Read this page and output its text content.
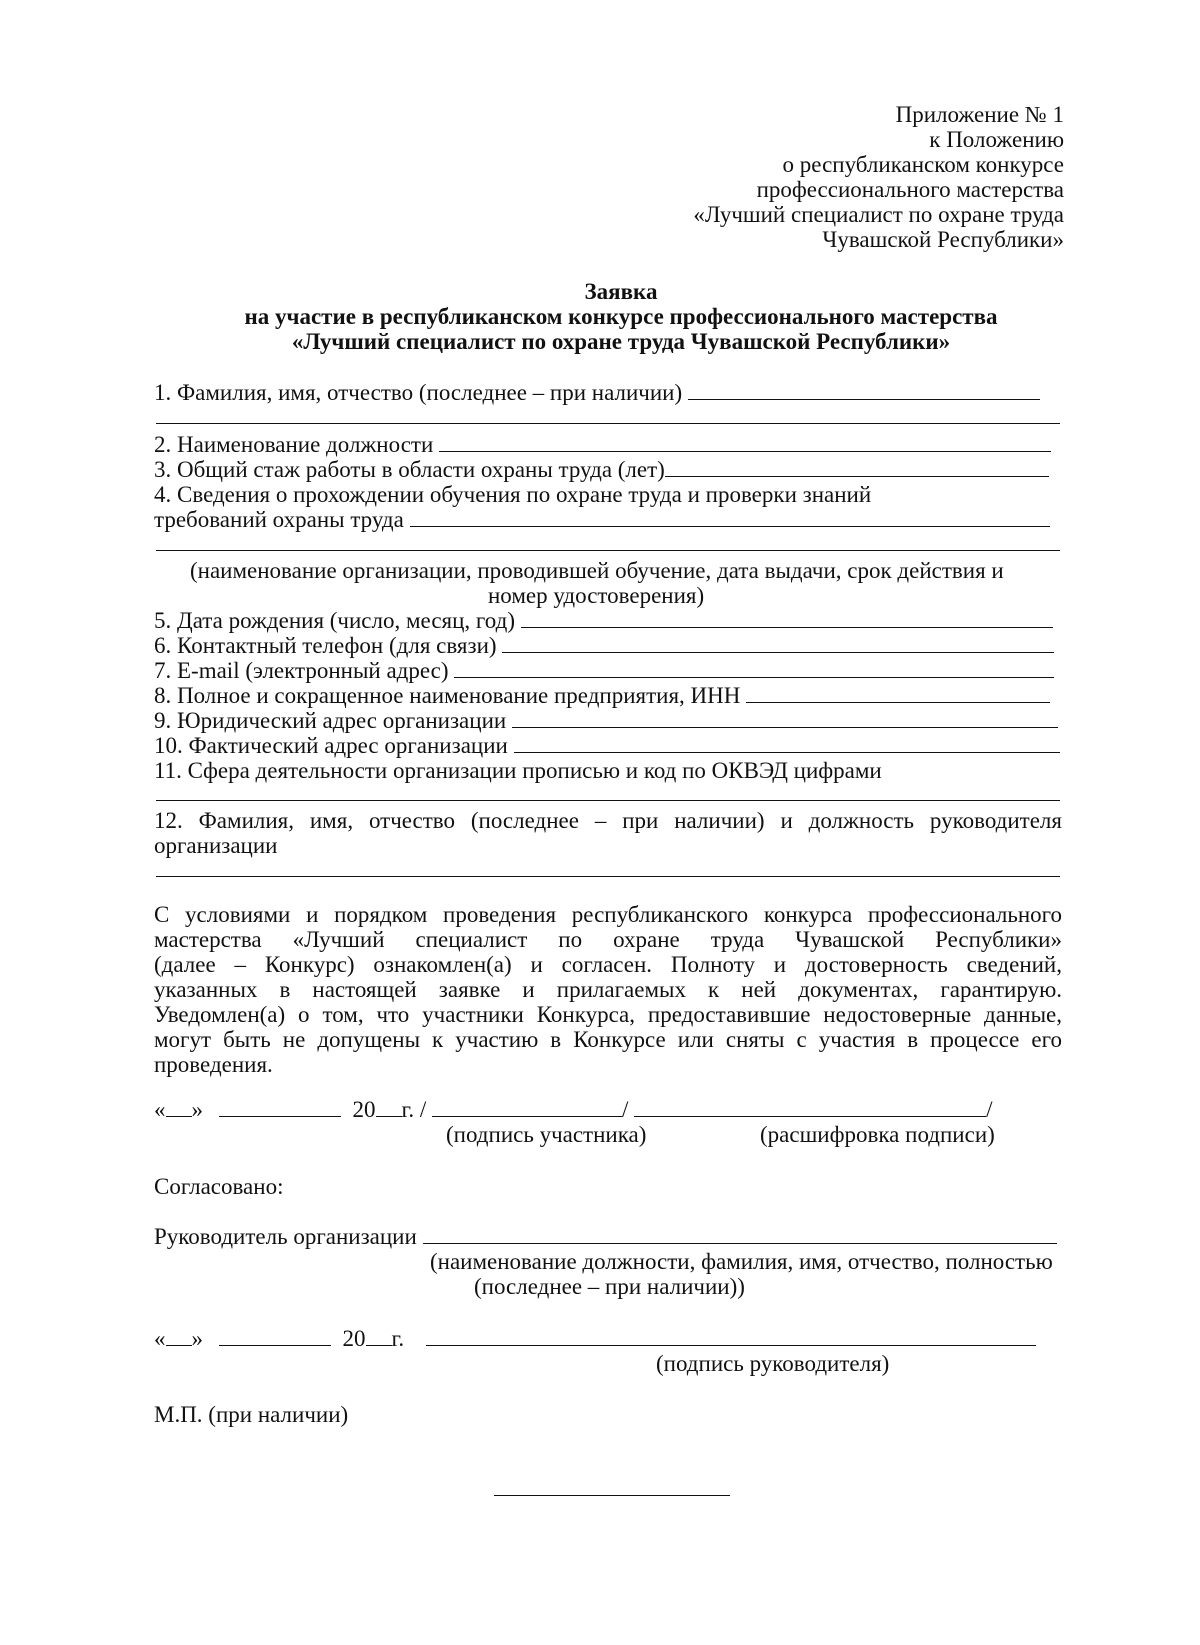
Приложение № 1
к Положению
о республиканском конкурсе
профессионального мастерства
«Лучший специалист по охране труда
Чувашской Республики»
Заявка
на участие в республиканском конкурсе профессионального мастерства
«Лучший специалист по охране труда Чувашской Республики»
1. Фамилия, имя, отчество (последнее – при наличии)
2. Наименование должности
3. Общий стаж работы в области охраны труда (лет)
4. Сведения о прохождении обучения по охране труда и проверки знаний
требований охраны труда
(наименование организации, проводившей обучение, дата выдачи, срок действия и
номер удостоверения)
5. Дата рождения (число, месяц, год)
6. Контактный телефон (для связи)
7. E-mail (электронный адрес)
8. Полное и сокращенное наименование предприятия, ИНН
9. Юридический адрес организации
10. Фактический адрес организации
11. Сфера деятельности организации прописью и код по ОКВЭД цифрами
12. Фамилия, имя, отчество (последнее – при наличии) и должность руководителя
организации
С условиями и порядком проведения республиканского конкурса профессионального
мастерства «Лучший специалист по охране труда Чувашской Республики»
(далее – Конкурс) ознакомлен(а) и согласен. Полноту и достоверность сведений,
указанных в настоящей заявке и прилагаемых к ней документах, гарантирую.
Уведомлен(а) о том, что участники Конкурса, предоставившие недостоверные данные,
могут быть не допущены к участию в Конкурсе или сняты с участия в процессе его
проведения.
« »	20 г. /	/	/
(подпись участника)	(расшифровка подписи)
Согласовано:
Руководитель организации
(наименование должности, фамилия, имя, отчество, полностью
(последнее – при наличии))
« »	20 г.
(подпись руководителя)
М.П. (при наличии)
